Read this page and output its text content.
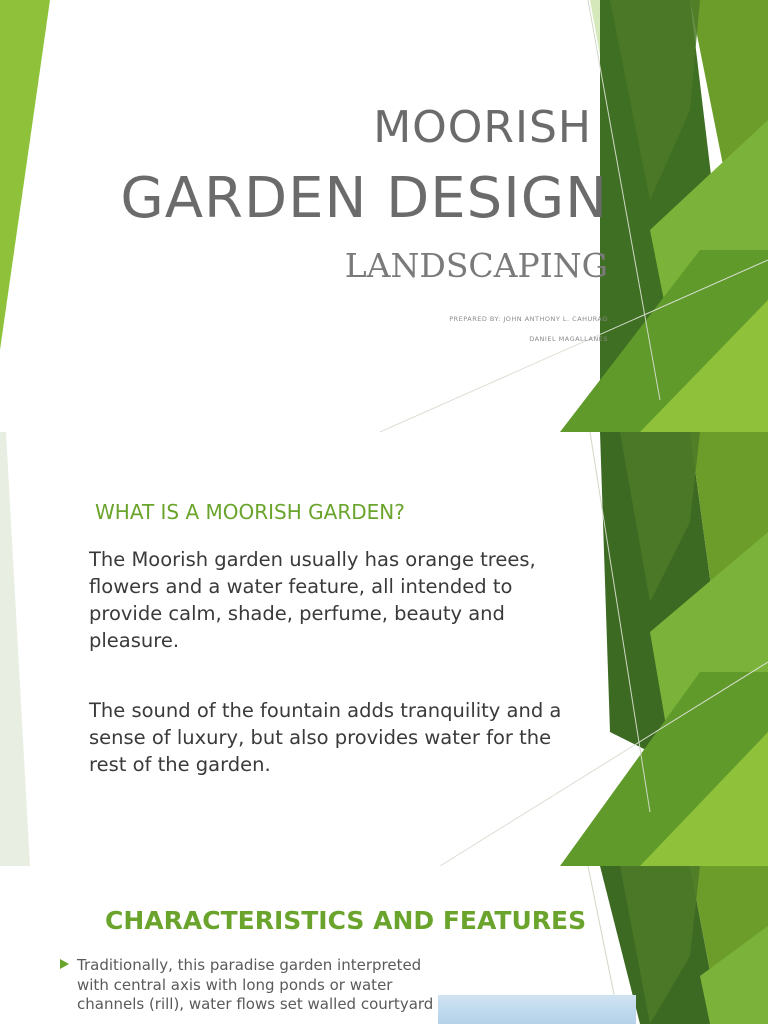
MOORISH
GARDEN DESIGN
LANDSCAPING
PREPARED BY: JOHN ANTHONY L. CAHURAO
DANIEL MAGALLANES
WHAT IS A MOORISH GARDEN?
The Moorish garden usually has orange trees, flowers and a water feature, all intended to provide calm, shade, perfume, beauty and pleasure.
The sound of the fountain adds tranquility and a sense of luxury, but also provides water for the rest of the garden.
CHARACTERISTICS AND FEATURES
Traditionally, this paradise garden interpreted with central axis with long ponds or water channels (rill), water flows set walled courtyard
